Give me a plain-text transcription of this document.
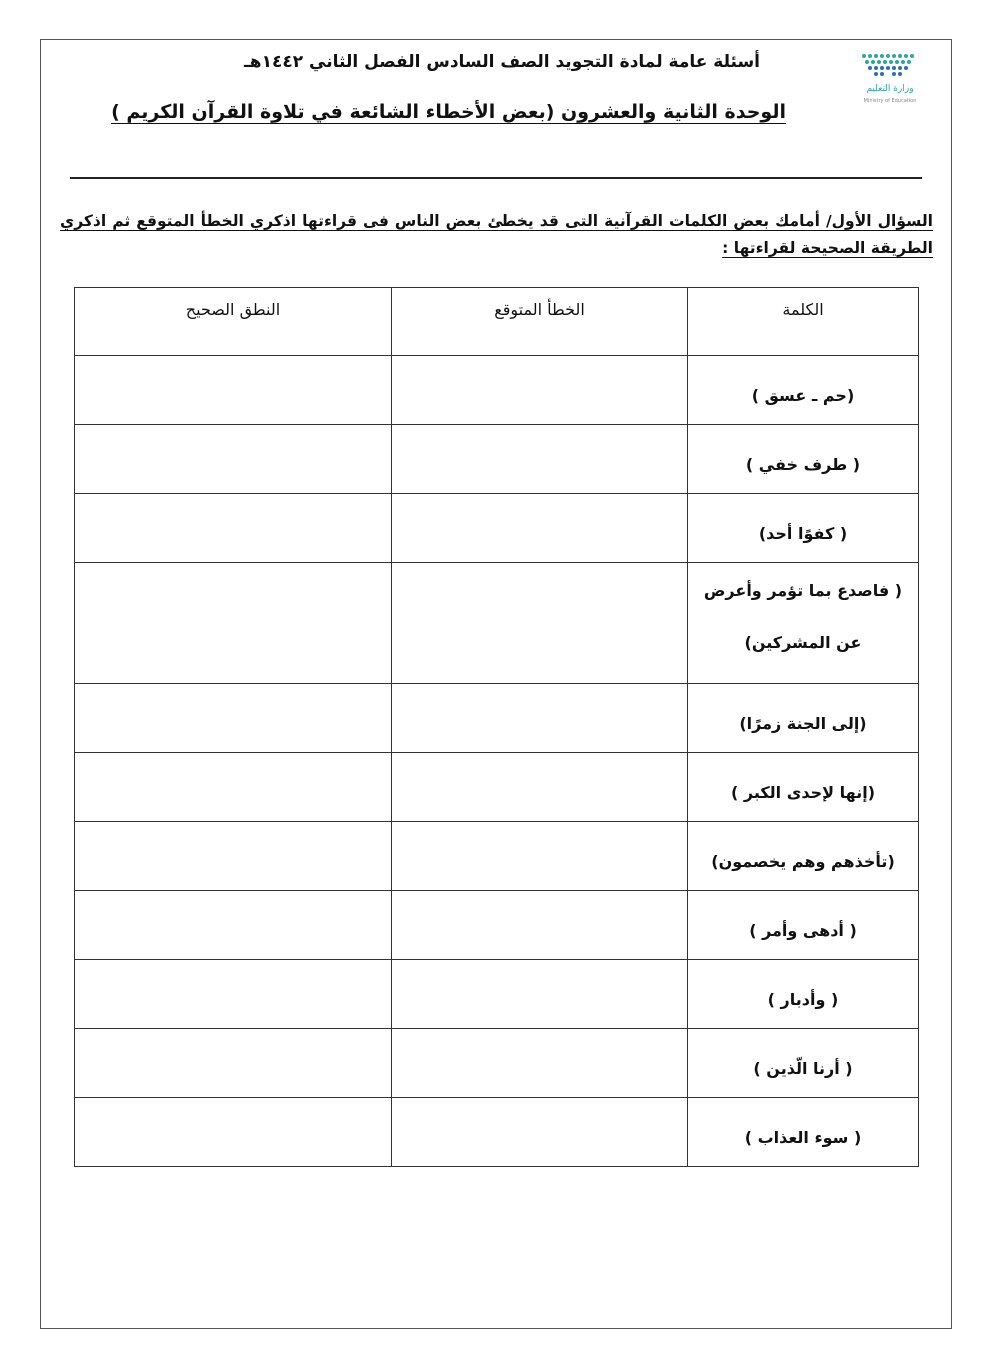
وزارة التعليم
Ministry of Education
أسئلة عامة لمادة التجويد الصف السادس الفصل الثاني ١٤٤٢هـ
الوحدة الثانية والعشرون (بعض الأخطاء الشائعة في تلاوة القرآن الكريم )
السؤال الأول/ أمامك بعض الكلمات القرآنية التى قد يخطئ بعض الناس فى قراءتها اذكري الخطأ المتوقع ثم اذكري الطريقة الصحيحة لقراءتها :
الكلمة	الخطأ المتوقع	النطق الصحيح
(حم ـ عسق )		
( طرف خفي )		
( كفوًا أحد)		
( فاصدع بما تؤمر وأعرض عن المشركين)		
(إلى الجنة زمرًا)		
(إنها لإحدى الكبر )		
(تأخذهم وهم يخصمون)		
( أدهى وأمر )		
( وأدبار )		
( أرنا الّذين )		
( سوء العذاب )		
